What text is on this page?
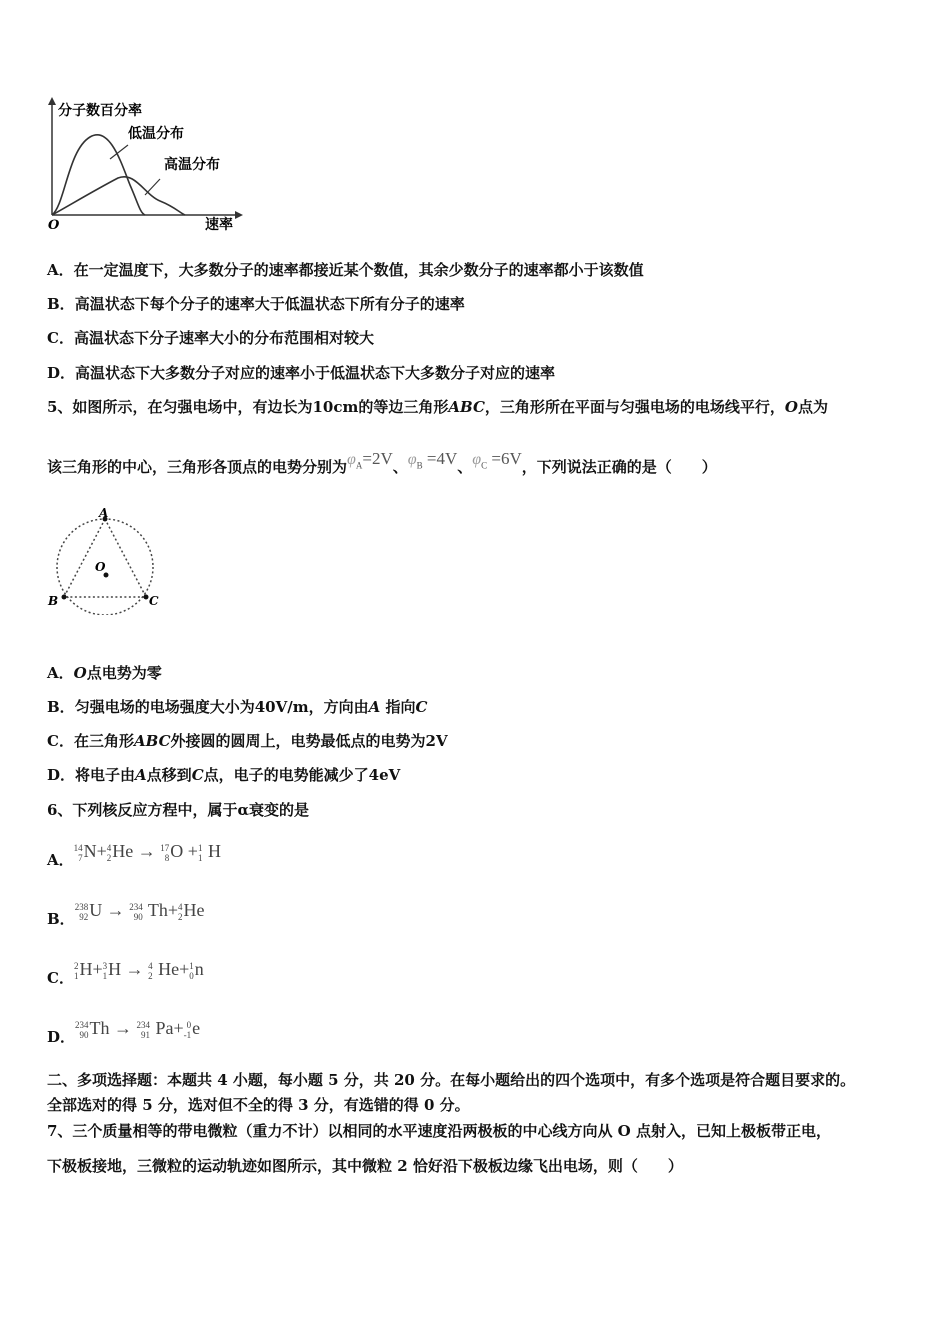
分子数百分率
低温分布
高温分布
O	速率
A．在一定温度下，大多数分子的速率都接近某个数值，其余少数分子的速率都小于该数值
B．高温状态下每个分子的速率大于低温状态下所有分子的速率
C．高温状态下分子速率大小的分布范围相对较大
D．高温状态下大多数分子对应的速率小于低温状态下大多数分子对应的速率
5、如图所示，在匀强电场中，有边长为10cm的等边三角形ABC，三角形所在平面与匀强电场的电场线平行，O点为
该三角形的中心，三角形各顶点的电势分别为$\varphi_A=2V$、$\varphi_B =4V$、$\varphi_C =6V$，下列说法正确的是（　　）
A
B	C
O
A．O点电势为零
B．匀强电场的电场强度大小为40V/m，方向由A 指向C
C．在三角形ABC外接圆的圆周上，电势最低点的电势为2V
D．将电子由A点移到C点，电子的电势能减少了4eV
6、下列核反应方程中，属于α衰变的是
A．
14
7 N+ 4
2 He → 17
8 O + 1
1 H
B．
238
92 U → 234
90 Th+ 4
2 He
C．
2
1 H+ 3
1 H → 4
2 He+ 1
0 n
D．
234
90 Th → 234
91 Pa+ 0
-1 e
二、多项选择题：本题共 4 小题，每小题 5 分，共 20 分。在每小题给出的四个选项中，有多个选项是符合题目要求的。
全部选对的得 5 分，选对但不全的得 3 分，有选错的得 0 分。
7、三个质量相等的带电微粒（重力不计）以相同的水平速度沿两极板的中心线方向从 O 点射入，已知上极板带正电，
下极板接地，三微粒的运动轨迹如图所示，其中微粒 2 恰好沿下极板边缘飞出电场，则（　　）
